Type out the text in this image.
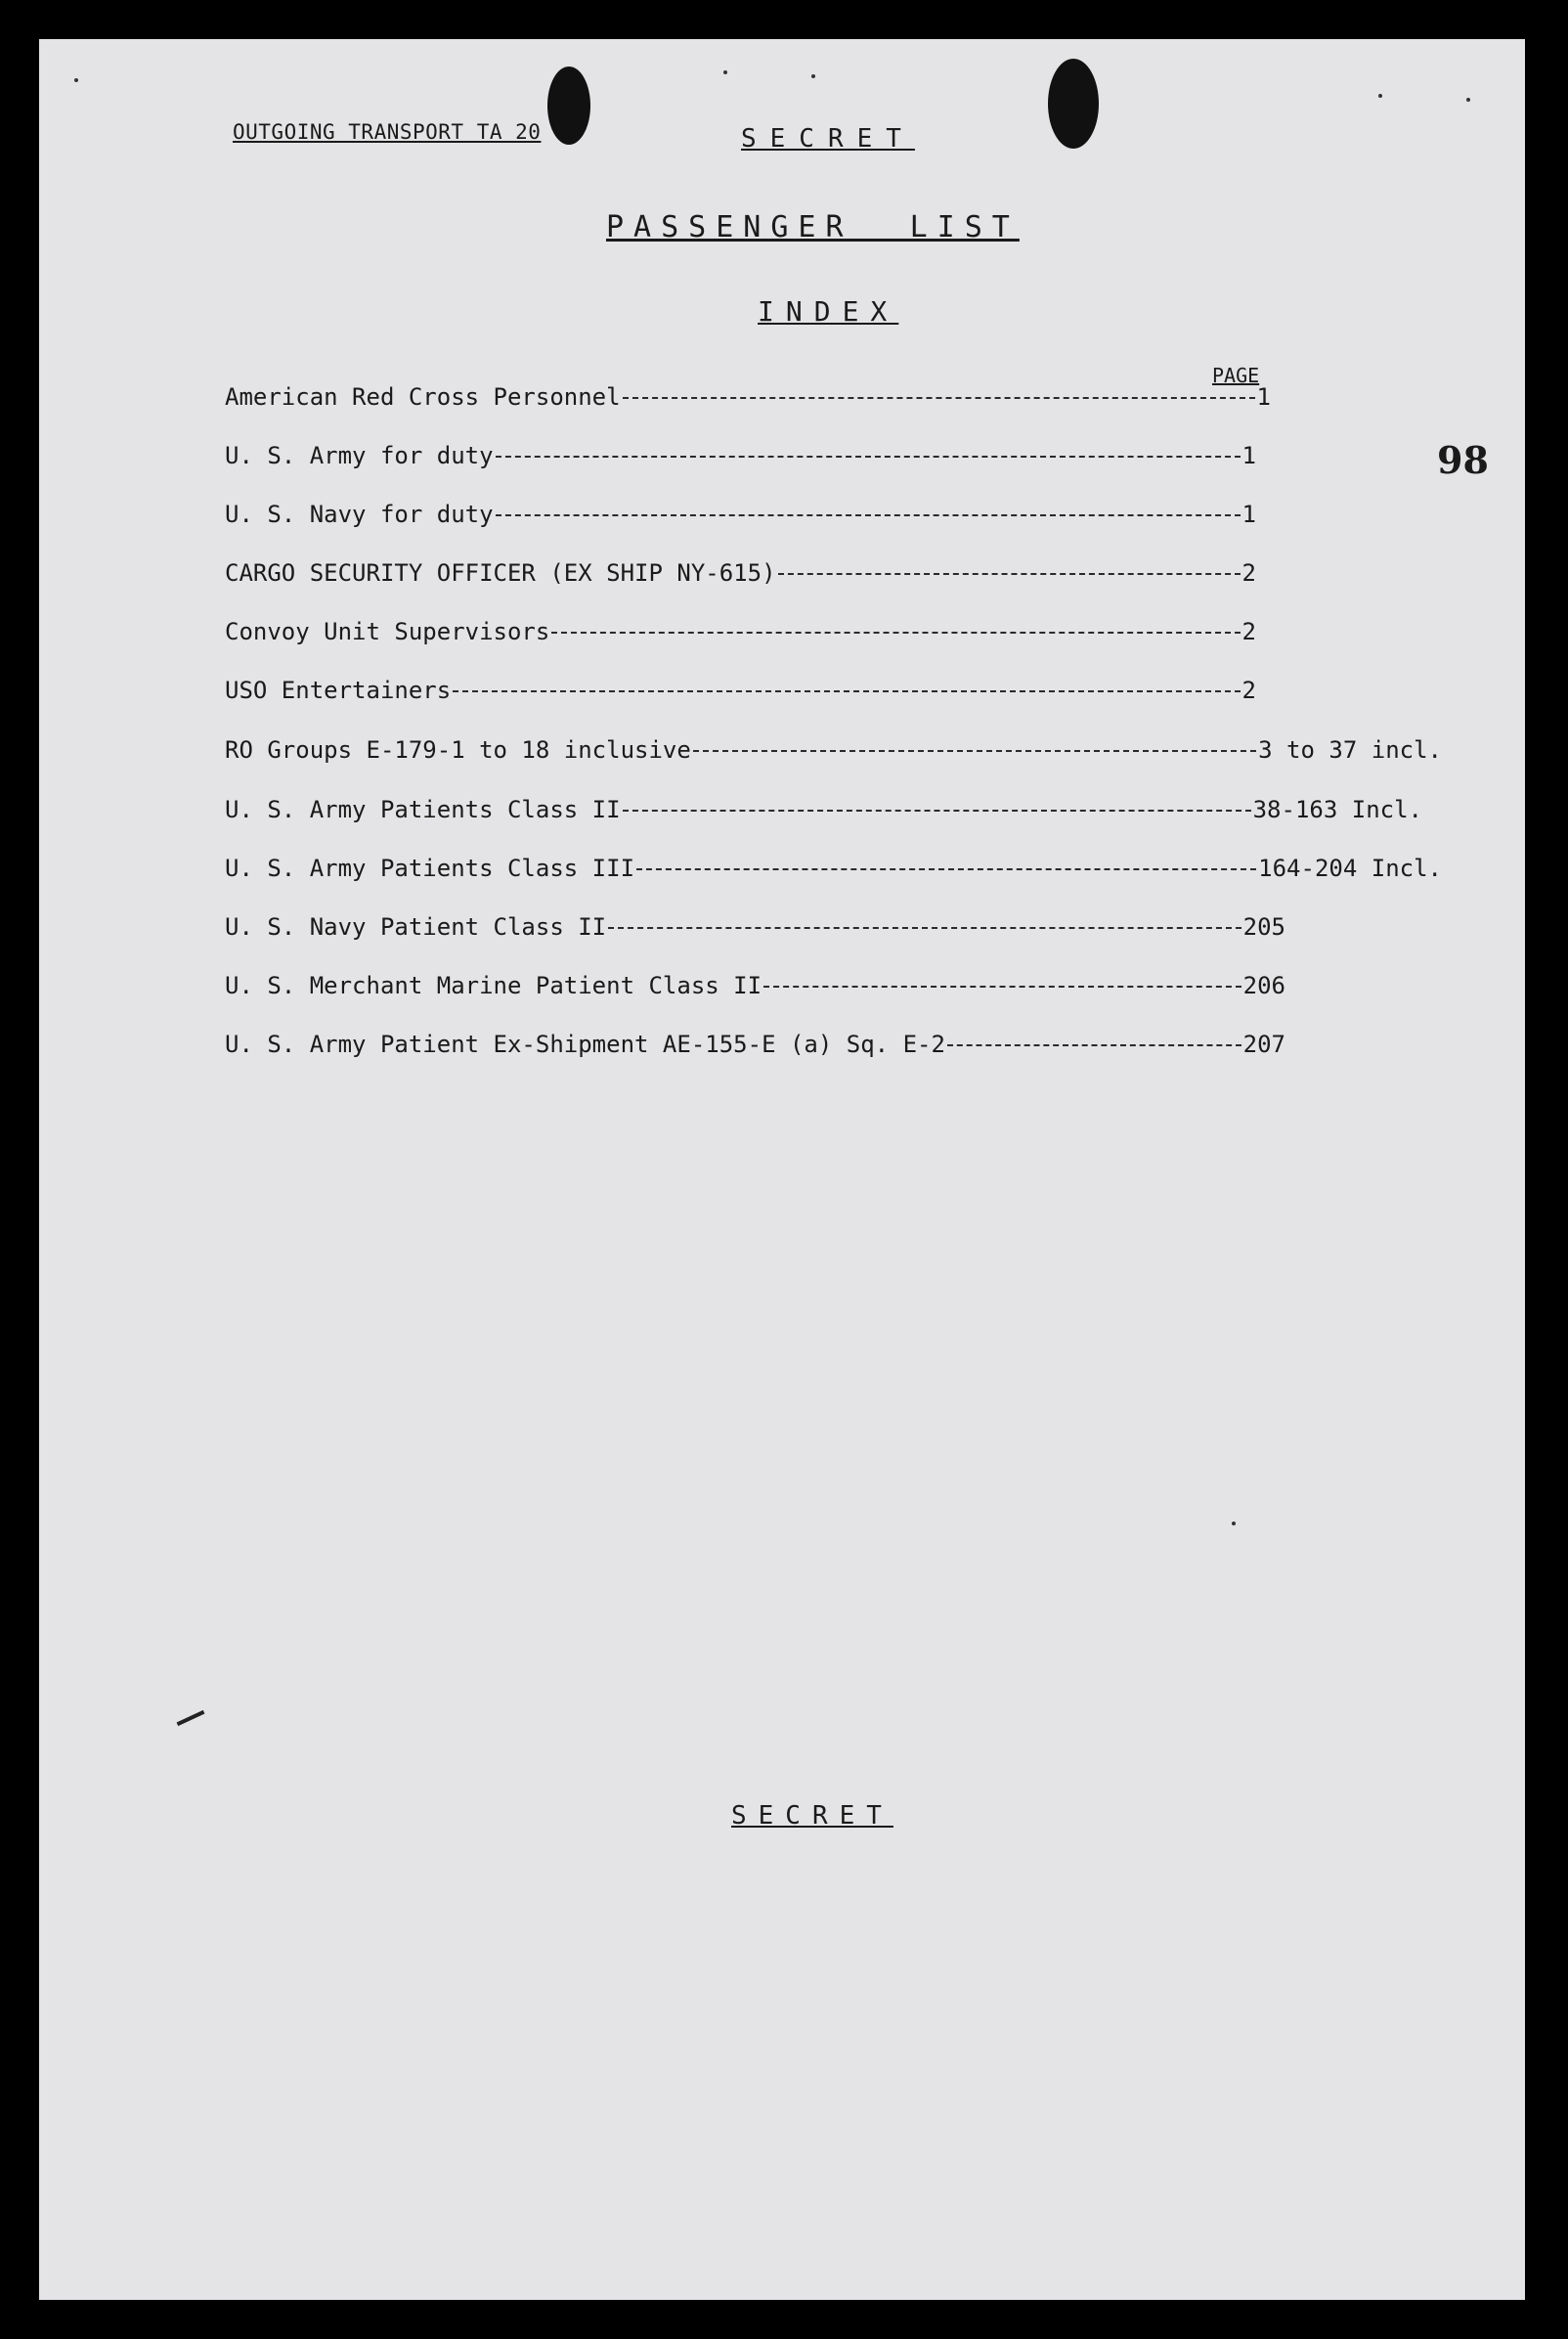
OUTGOING TRANSPORT TA 20	SECRET
PASSENGER LIST
INDEX
PAGE
98
American Red Cross Personnel	1
U. S. Army for duty	1
U. S. Navy for duty	1
CARGO SECURITY OFFICER (EX SHIP NY-615)	2
Convoy Unit Supervisors	2
USO Entertainers	2
RO Groups E-179-1 to 18 inclusive	3 to 37 incl.
U. S. Army Patients Class II	38-163 Incl.
U. S. Army Patients Class III	164-204 Incl.
U. S. Navy Patient Class II	205
U. S. Merchant Marine Patient Class II	206
U. S. Army Patient Ex-Shipment AE-155-E (a) Sq. E-2	207
SECRET
